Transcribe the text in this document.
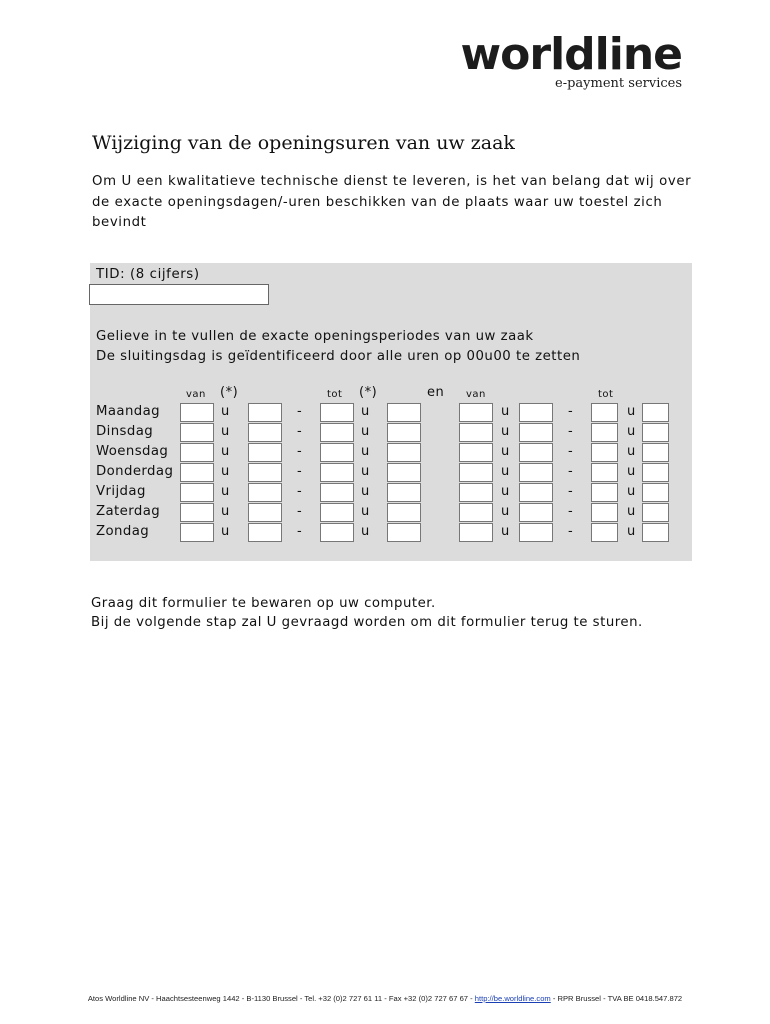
worldline
e-payment services
Wijziging van de openingsuren van uw zaak
Om U een kwalitatieve technische dienst te leveren, is het van belang dat wij over
de exacte openingsdagen/-uren beschikken van de plaats waar uw toestel zich
bevindt
TID: (8 cijfers)
Gelieve in te vullen de exacte openingsperiodes van uw zaak
De sluitingsdag is geïdentificeerd door alle uren op 00u00 te zetten
van (*)	tot (*)	en van	tot
Maandag	u	-	u	u	-	u
Dinsdag	u	-	u	u	-	u
Woensdag	u	-	u	u	-	u
Donderdag	u	-	u	u	-	u
Vrijdag	u	-	u	u	-	u
Zaterdag	u	-	u	u	-	u
Zondag	u	-	u	u	-	u
Graag dit formulier te bewaren op uw computer.
Bij de volgende stap zal U gevraagd worden om dit formulier terug te sturen.
Atos Worldline NV - Haachtsesteenweg 1442 - B-1130 Brussel - Tel. +32 (0)2 727 61 11 - Fax +32 (0)2 727 67 67 - http://be.worldline.com - RPR Brussel - TVA BE 0418.547.872
